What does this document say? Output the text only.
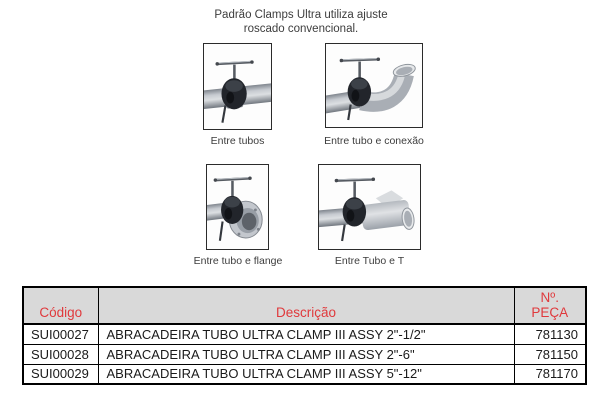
Padrão Clamps Ultra utiliza ajuste
roscado convencional.
Entre tubos	Entre tubo e conexão
Entre tubo e flange	Entre Tubo e T
Código	Descrição	Nº.
PEÇA

SUI00027	ABRACADEIRA TUBO ULTRA CLAMP III ASSY 2"-1/2"	781130
SUI00028	ABRACADEIRA TUBO ULTRA CLAMP III ASSY 2"-6"	781150
SUI00029	ABRACADEIRA TUBO ULTRA CLAMP III ASSY 5"-12"	781170
